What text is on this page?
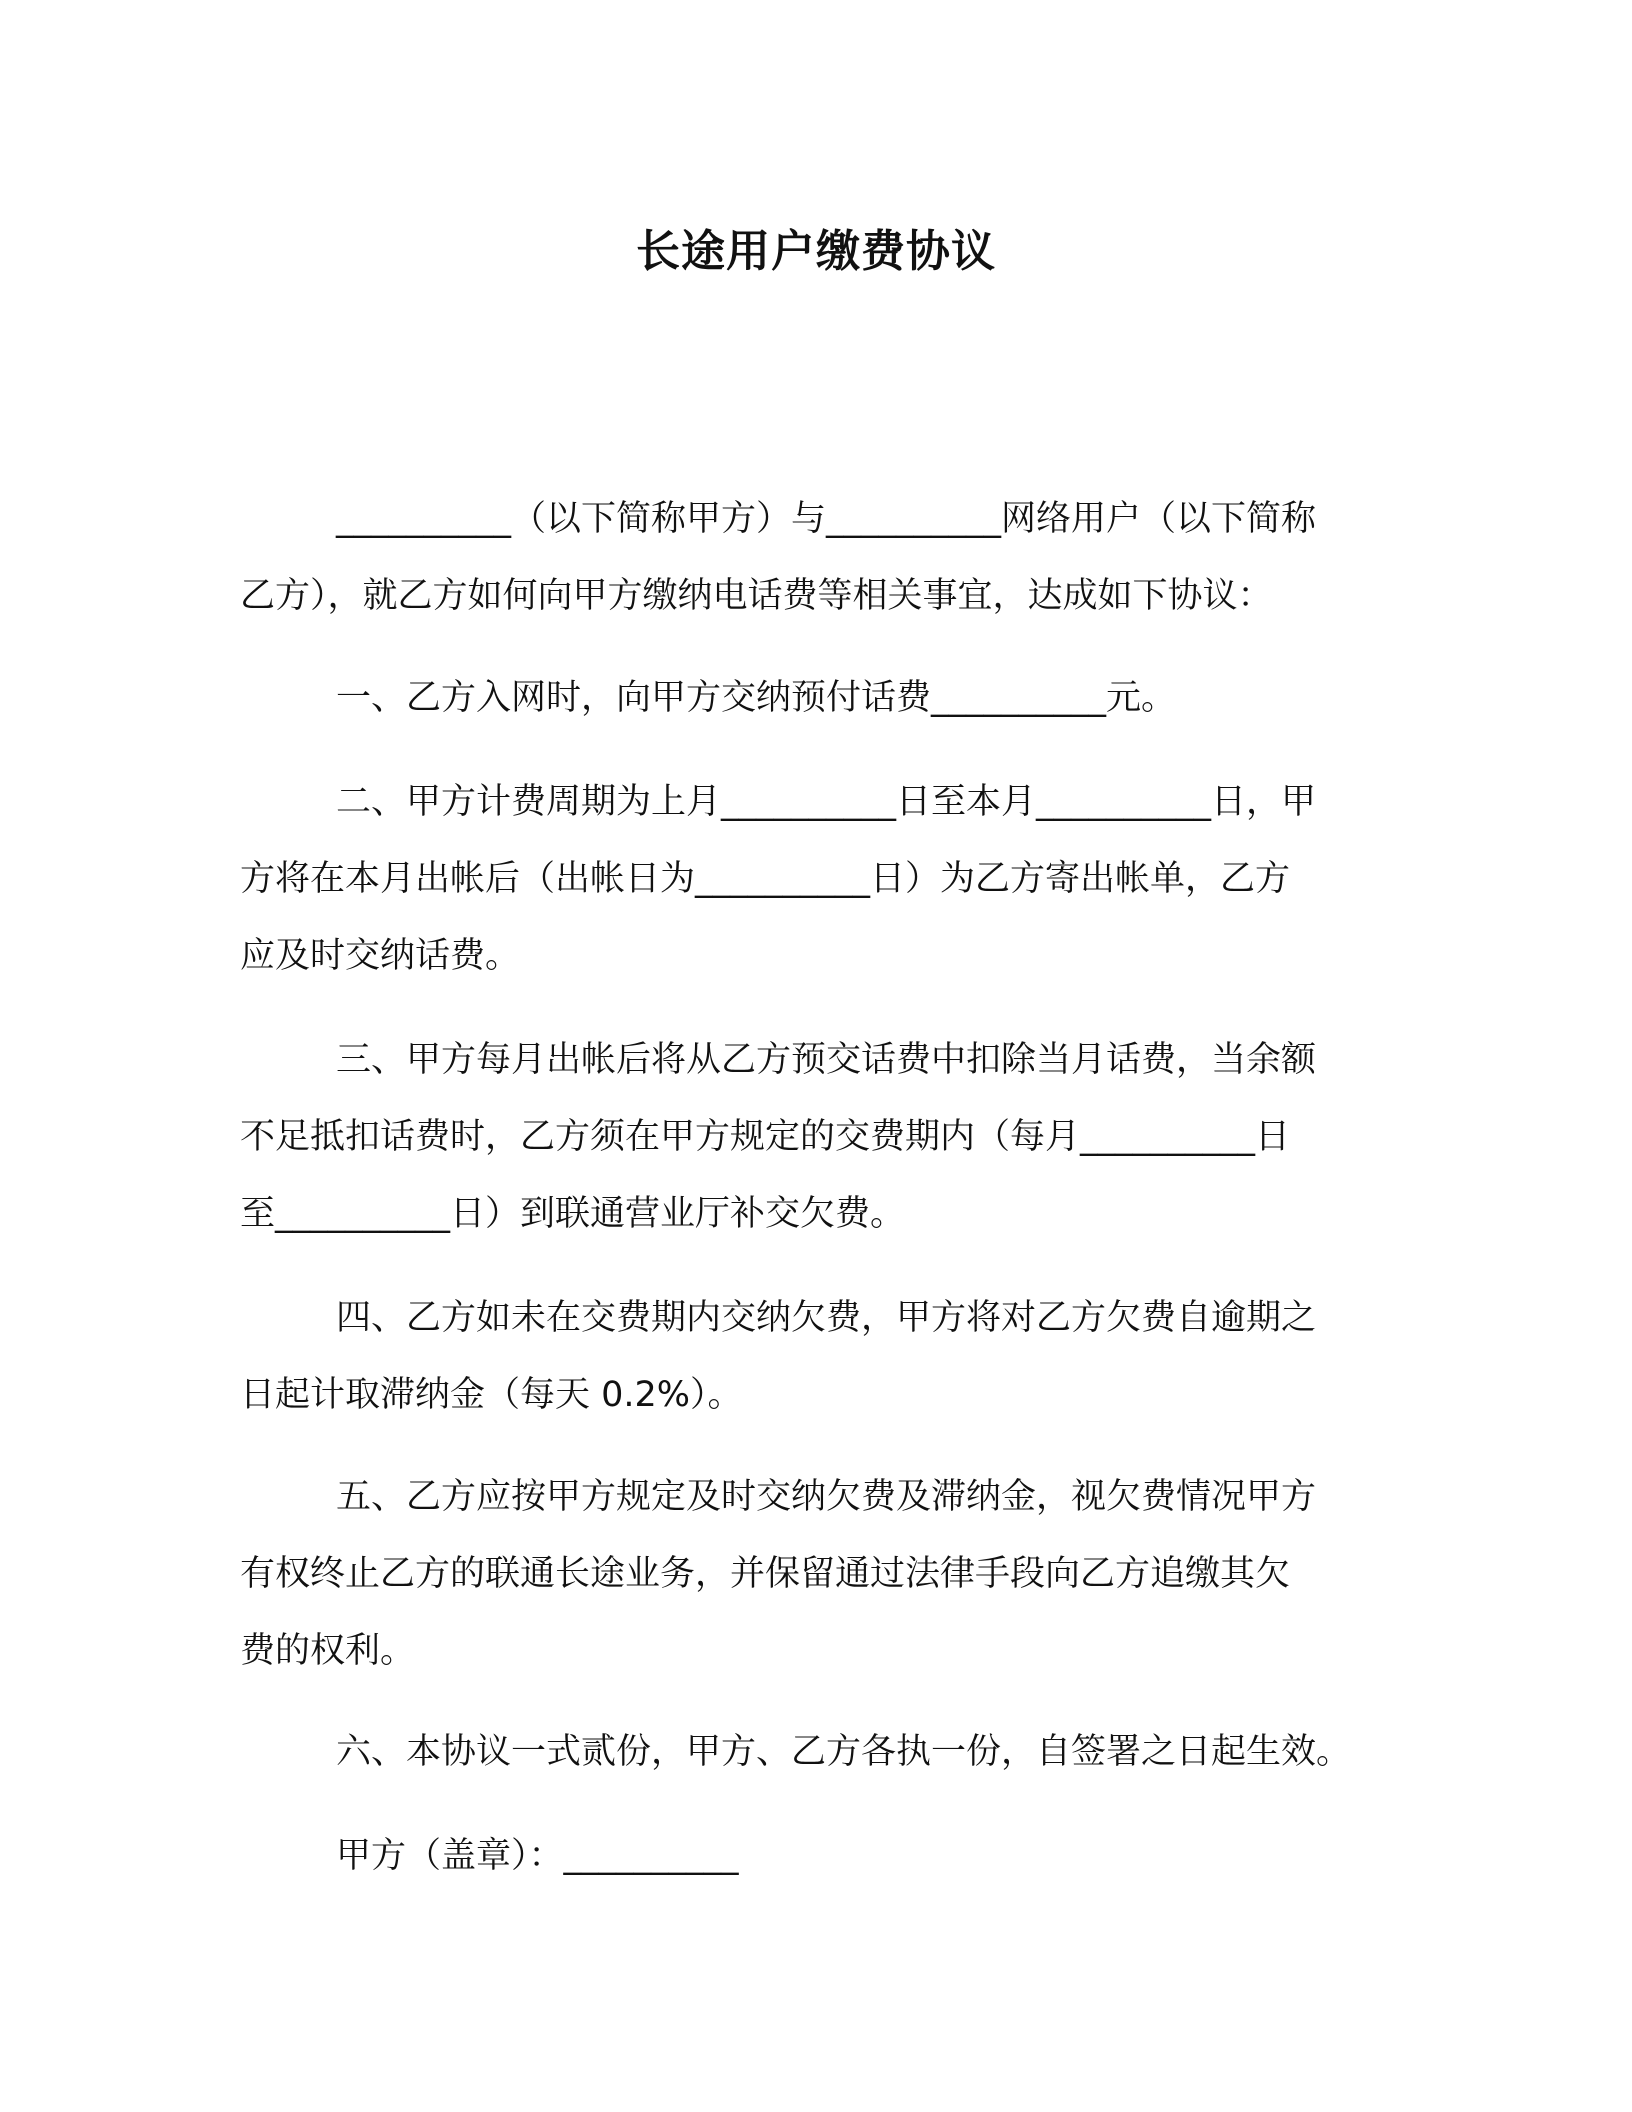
长途用户缴费协议

__________（以下简称甲方）与__________网络用户（以下简称
乙方），就乙方如何向甲方缴纳电话费等相关事宜，达成如下协议：

一、乙方入网时，向甲方交纳预付话费__________元。

二、甲方计费周期为上月__________日至本月__________日，甲
方将在本月出帐后（出帐日为__________日）为乙方寄出帐单，乙方
应及时交纳话费。

三、甲方每月出帐后将从乙方预交话费中扣除当月话费，当余额
不足抵扣话费时，乙方须在甲方规定的交费期内（每月__________日
至__________日）到联通营业厅补交欠费。

四、乙方如未在交费期内交纳欠费，甲方将对乙方欠费自逾期之
日起计取滞纳金（每天 0.2%）。

五、乙方应按甲方规定及时交纳欠费及滞纳金，视欠费情况甲方
有权终止乙方的联通长途业务，并保留通过法律手段向乙方追缴其欠
费的权利。

六、本协议一式贰份，甲方、乙方各执一份，自签署之日起生效。

甲方（盖章）：__________
